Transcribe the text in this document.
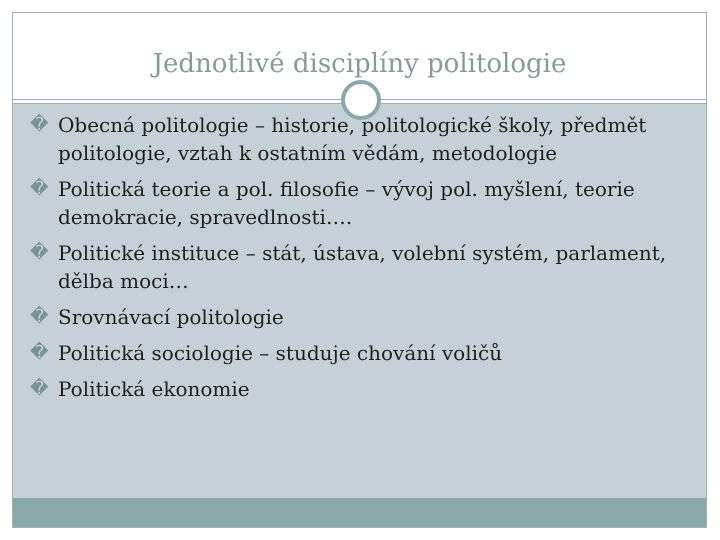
Jednotlivé disciplíny politologie
� Obecná politologie – historie, politologické školy, předmět politologie, vztah k ostatním vědám, metodologie
� Politická teorie a pol. filosofie – vývoj pol. myšlení, teorie demokracie, spravedlnosti….
� Politické instituce – stát, ústava, volební systém, parlament, dělba moci…
� Srovnávací politologie
� Politická sociologie – studuje chování voličů
� Politická ekonomie
